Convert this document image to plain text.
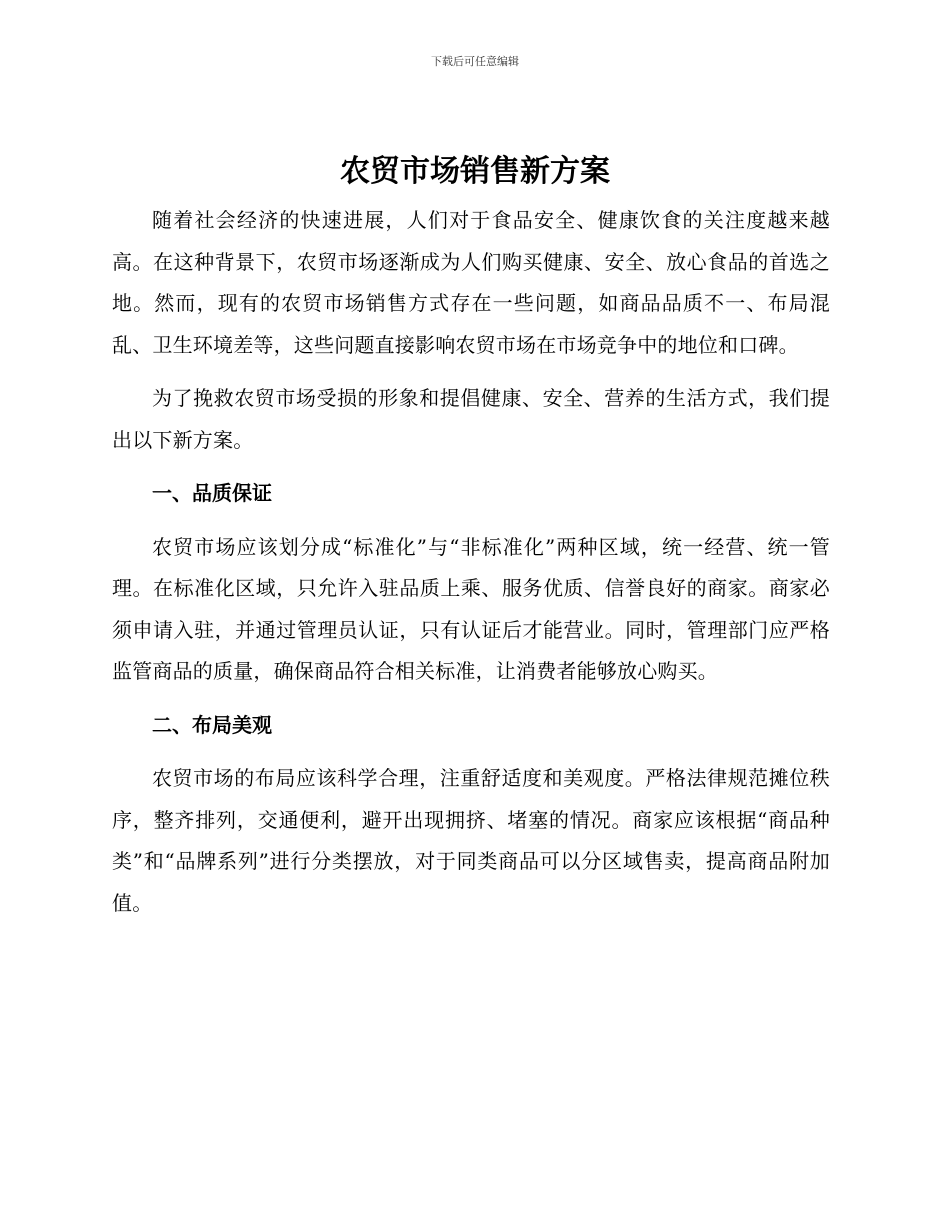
下载后可任意编辑
农贸市场销售新方案

随着社会经济的快速进展，人们对于食品安全、健康饮食的关注度越来越高。在这种背景下，农贸市场逐渐成为人们购买健康、安全、放心食品的首选之地。然而，现有的农贸市场销售方式存在一些问题，如商品品质不一、布局混乱、卫生环境差等，这些问题直接影响农贸市场在市场竞争中的地位和口碑。

为了挽救农贸市场受损的形象和提倡健康、安全、营养的生活方式，我们提出以下新方案。

一、品质保证

农贸市场应该划分成“标准化”与“非标准化”两种区域，统一经营、统一管理。在标准化区域，只允许入驻品质上乘、服务优质、信誉良好的商家。商家必须申请入驻，并通过管理员认证，只有认证后才能营业。同时，管理部门应严格监管商品的质量，确保商品符合相关标准，让消费者能够放心购买。

二、布局美观

农贸市场的布局应该科学合理，注重舒适度和美观度。严格法律规范摊位秩序，整齐排列，交通便利，避开出现拥挤、堵塞的情况。商家应该根据“商品种类”和“品牌系列”进行分类摆放，对于同类商品可以分区域售卖，提高商品附加值。
